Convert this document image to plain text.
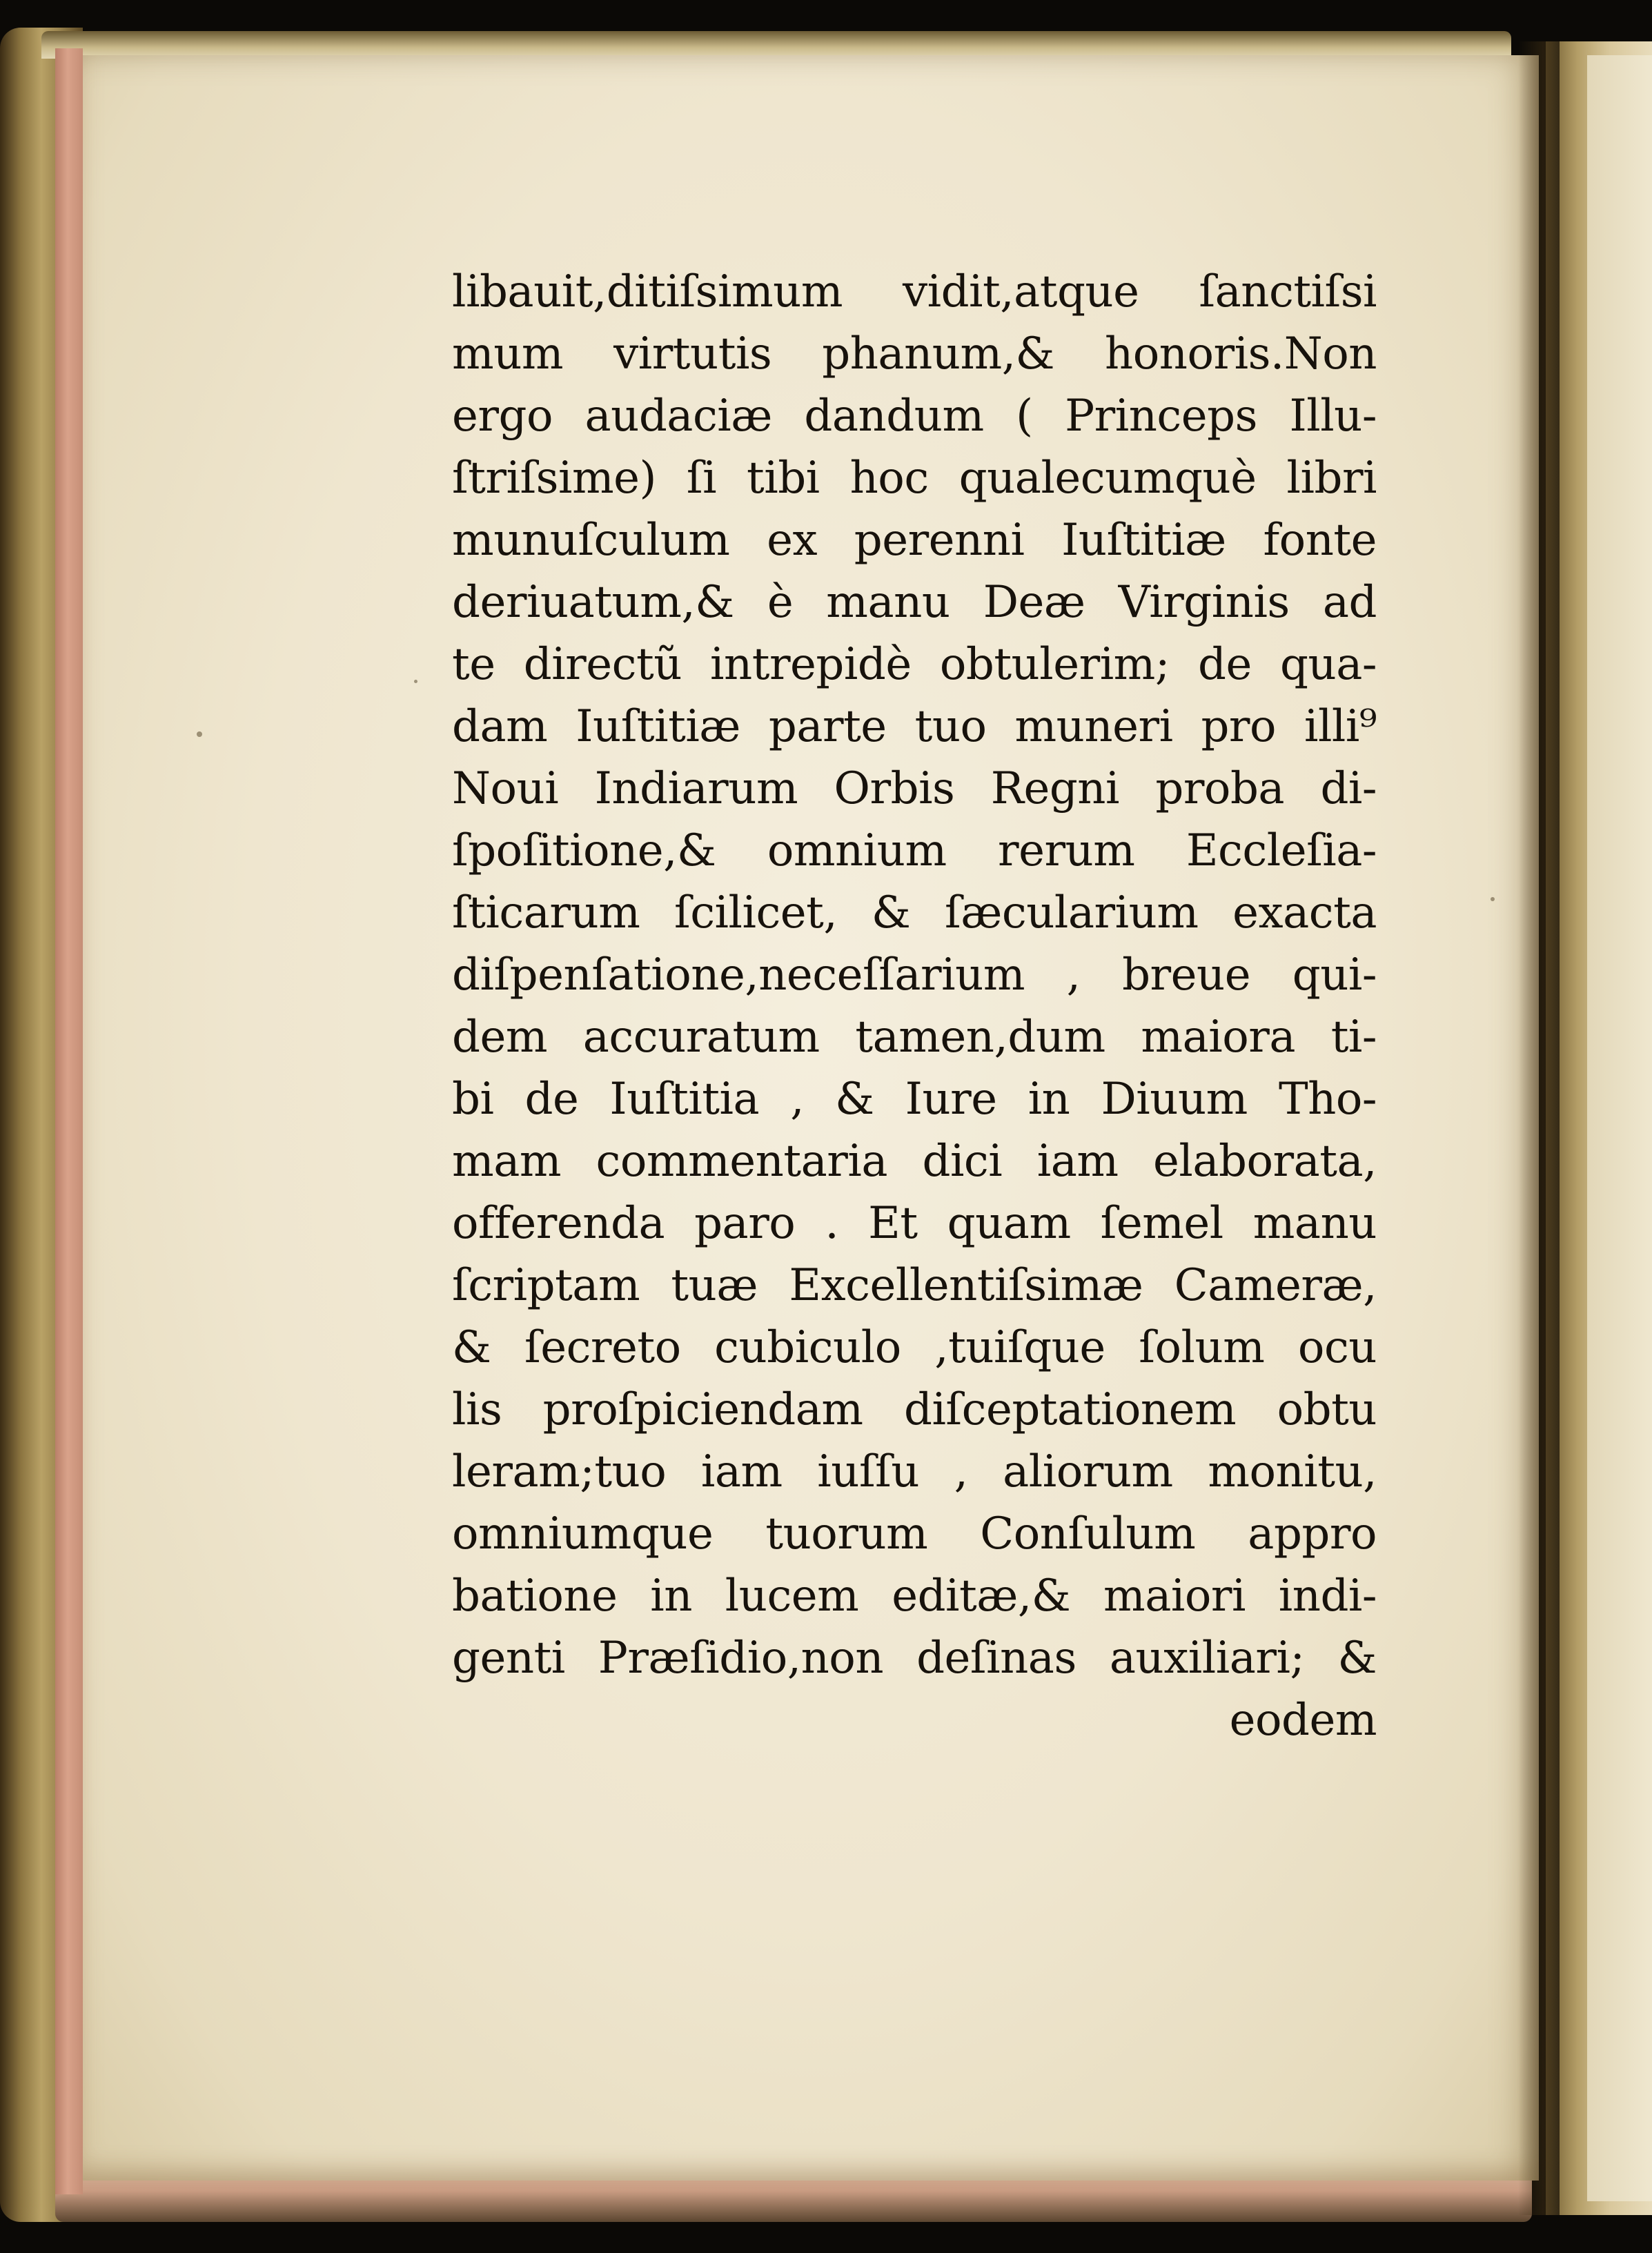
libauit,ditiſsimum vidit,atque ſanctiſsi
mum virtutis phanum,& honoris.Non
ergo audaciæ dandum ( Princeps Illu-
ſtriſsime) ſi tibi hoc qualecumquè libri
munuſculum ex perenni Iuſtitiæ fonte
deriuatum,& è manu Deæ Virginis ad
te directũ intrepidè obtulerim; de qua-
dam Iuſtitiæ parte tuo muneri pro illi⁹
Noui Indiarum Orbis Regni proba di-
ſpoſitione,& omnium rerum Eccleſia-
ſticarum ſcilicet, & ſæcularium exacta
diſpenſatione,neceſſarium , breue qui-
dem accuratum tamen,dum maiora ti-
bi de Iuſtitia , & Iure in Diuum Tho-
mam commentaria dici iam elaborata,
offerenda paro . Et quam ſemel manu
ſcriptam tuæ Excellentiſsimæ Cameræ,
& ſecreto cubiculo ,tuiſque ſolum ocu
lis proſpiciendam diſceptationem obtu
leram;tuo iam iuſſu , aliorum monitu,
omniumque tuorum Conſulum appro
batione in lucem editæ,& maiori indi-
genti Præſidio,non deſinas auxiliari; &
eodem
